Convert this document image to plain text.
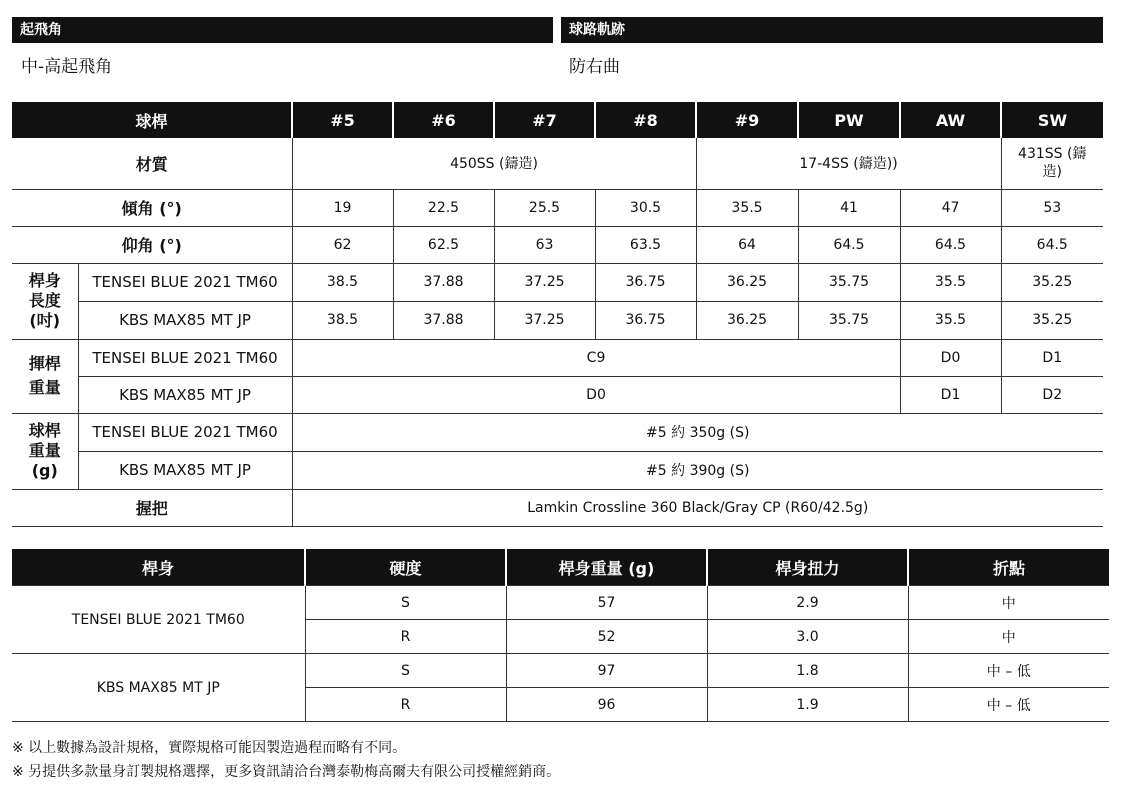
起飛角
中-高起飛角
球路軌跡
防右曲
球桿		#5	#6	#7	#8	#9	PW	AW	SW
材質		450SS (鑄造)				17-4SS (鑄造))			431SS (鑄造)
傾角 (°)		19	22.5	25.5	30.5	35.5	41	47	53
仰角 (°)		62	62.5	63	63.5	64	64.5	64.5	64.5
桿身長度(吋)	TENSEI BLUE 2021 TM60	38.5	37.88	37.25	36.75	36.25	35.75	35.5	35.25
	KBS MAX85 MT JP	38.5	37.88	37.25	36.75	36.25	35.75	35.5	35.25
揮桿重量	TENSEI BLUE 2021 TM60	C9						D0	D1
	KBS MAX85 MT JP	D0						D1	D2
球桿重量(g)	TENSEI BLUE 2021 TM60	#5 約 350g (S)							
	KBS MAX85 MT JP	#5 約 390g (S)							
握把		Lamkin Crossline 360 Black/Gray CP (R60/42.5g)							
桿身	硬度	桿身重量 (g)	桿身扭力	折點
TENSEI BLUE 2021 TM60	S	57	2.9	中
	R	52	3.0	中
KBS MAX85 MT JP	S	97	1.8	中 – 低
	R	96	1.9	中 – 低
※ 以上數據為設計規格，實際規格可能因製造過程而略有不同。
※ 另提供多款量身訂製規格選擇，更多資訊請洽台灣泰勒梅高爾夫有限公司授權經銷商。
